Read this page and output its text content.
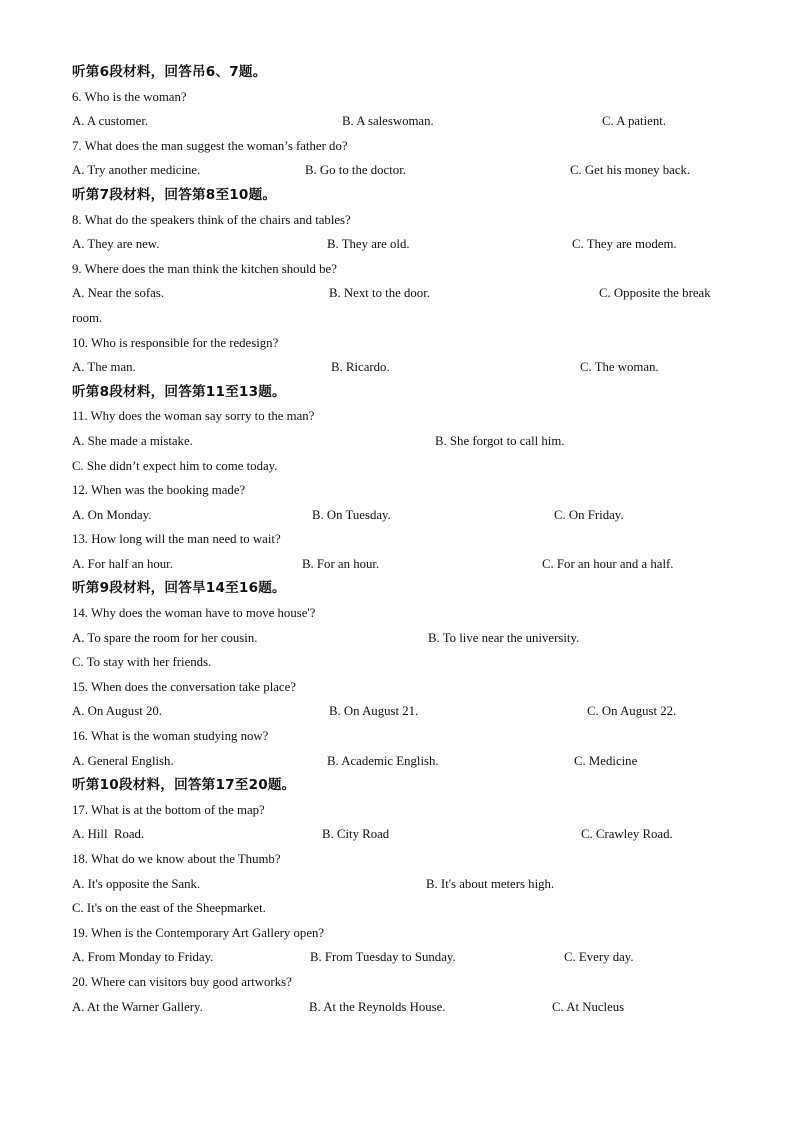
听第6段材料，回答吊6、7题。
6. Who is the woman?
A. A customer.	B. A saleswoman.	C. A patient.
7. What does the man suggest the woman’s father do?
A. Try another medicine.	B. Go to the doctor.	C. Get his money back.
听第7段材料，回答第8至10题。
8. What do the speakers think of the chairs and tables?
A. They are new.	B. They are old.	C. They are modem.
9. Where does the man think the kitchen should be?
A. Near the sofas.	B. Next to the door.	C. Opposite the break
room.
10. Who is responsible for the redesign?
A. The man.	B. Ricardo.	C. The woman.
听第8段材料，回答第11至13题。
11. Why does the woman say sorry to the man?
A. She made a mistake.	B. She forgot to call him.
C. She didn’t expect him to come today.
12. When was the booking made?
A. On Monday.	B. On Tuesday.	C. On Friday.
13. How long will the man need to wait?
A. For half an hour.	B. For an hour.	C. For an hour and a half.
听第9段材料，回答旱14至16题。
14. Why does the woman have to move house'?
A. To spare the room for her cousin.	B. To live near the university.
C. To stay with her friends.
15. When does the conversation take place?
A. On August 20.	B. On August 21.	C. On August 22.
16. What is the woman studying now?
A. General English.	B. Academic English.	C. Medicine
听第10段材料，回答第17至20题。
17. What is at the bottom of the map?
A. Hill  Road.	B. City Road	C. Crawley Road.
18. What do we know about the Thumb?
A. It's opposite the Sank.	B. It's about meters high.
C. It's on the east of the Sheepmarket.
19. When is the Contemporary Art Gallery open?
A. From Monday to Friday.	B. From Tuesday to Sunday.	C. Every day.
20. Where can visitors buy good artworks?
A. At the Warner Gallery.	B. At the Reynolds House.	C. At Nucleus
